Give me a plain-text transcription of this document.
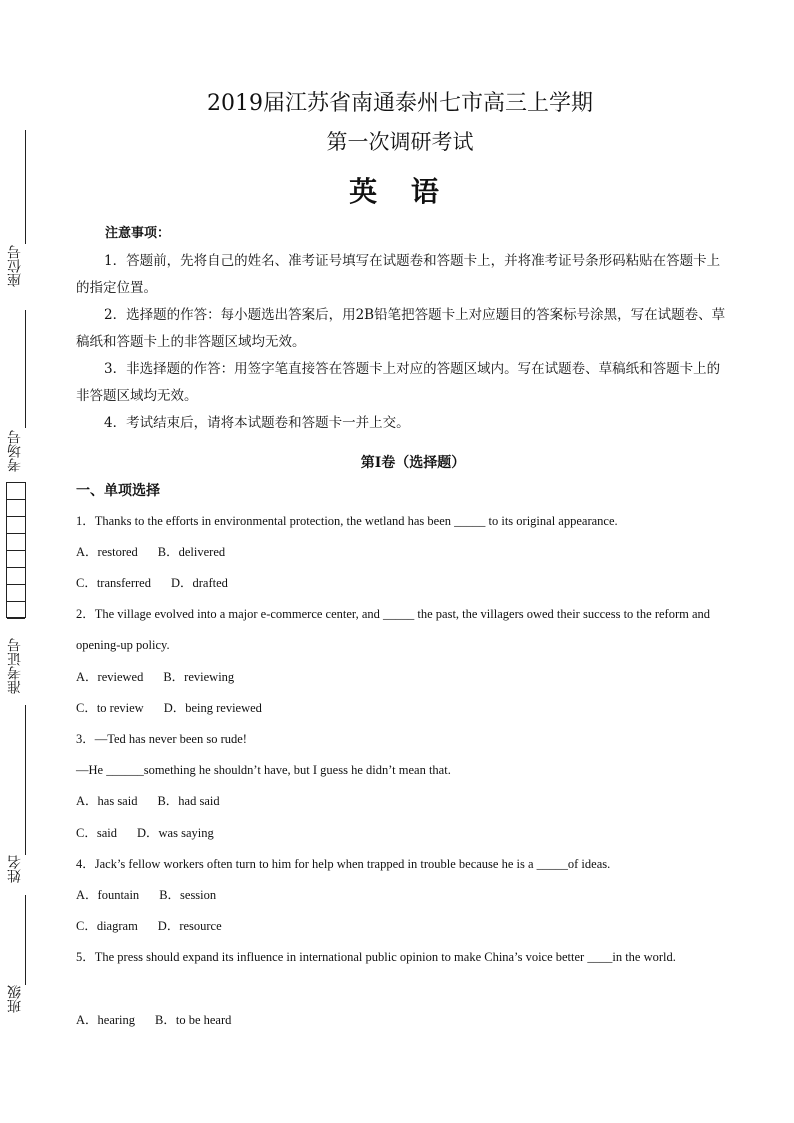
座位号
考场号
准考证号
姓名
班级
2019届江苏省南通泰州七市高三上学期
第一次调研考试
英 语
注意事项：

1．答题前，先将自己的姓名、准考证号填写在试题卷和答题卡上，并将准考证号条形码粘贴在答题卡上的指定位置。

2．选择题的作答：每小题选出答案后，用2B铅笔把答题卡上对应题目的答案标号涂黑，写在试题卷、草稿纸和答题卡上的非答题区域均无效。

3．非选择题的作答：用签字笔直接答在答题卡上对应的答题区域内。写在试题卷、草稿纸和答题卡上的非答题区域均无效。

4．考试结束后，请将本试题卷和答题卡一并上交。

第I卷（选择题）
一、单项选择
1．Thanks to the efforts in environmental protection, the wetland has been _____ to its original appearance.
A．restored B．delivered
C．transferred D．drafted
2．The village evolved into a major e-commerce center, and _____ the past, the villagers owed their success to the reform and opening-up policy.
A．reviewed B．reviewing
C．to review D．being reviewed
3．—Ted has never been so rude!
—He ______something he shouldn’t have, but I guess he didn’t mean that.
A．has said B．had said
C．said D．was saying
4．Jack’s fellow workers often turn to him for help when trapped in trouble because he is a _____of ideas.
A．fountain B．session
C．diagram D．resource
5．The press should expand its influence in international public opinion to make China’s voice better ____in the world.
A．hearing B．to be heard
